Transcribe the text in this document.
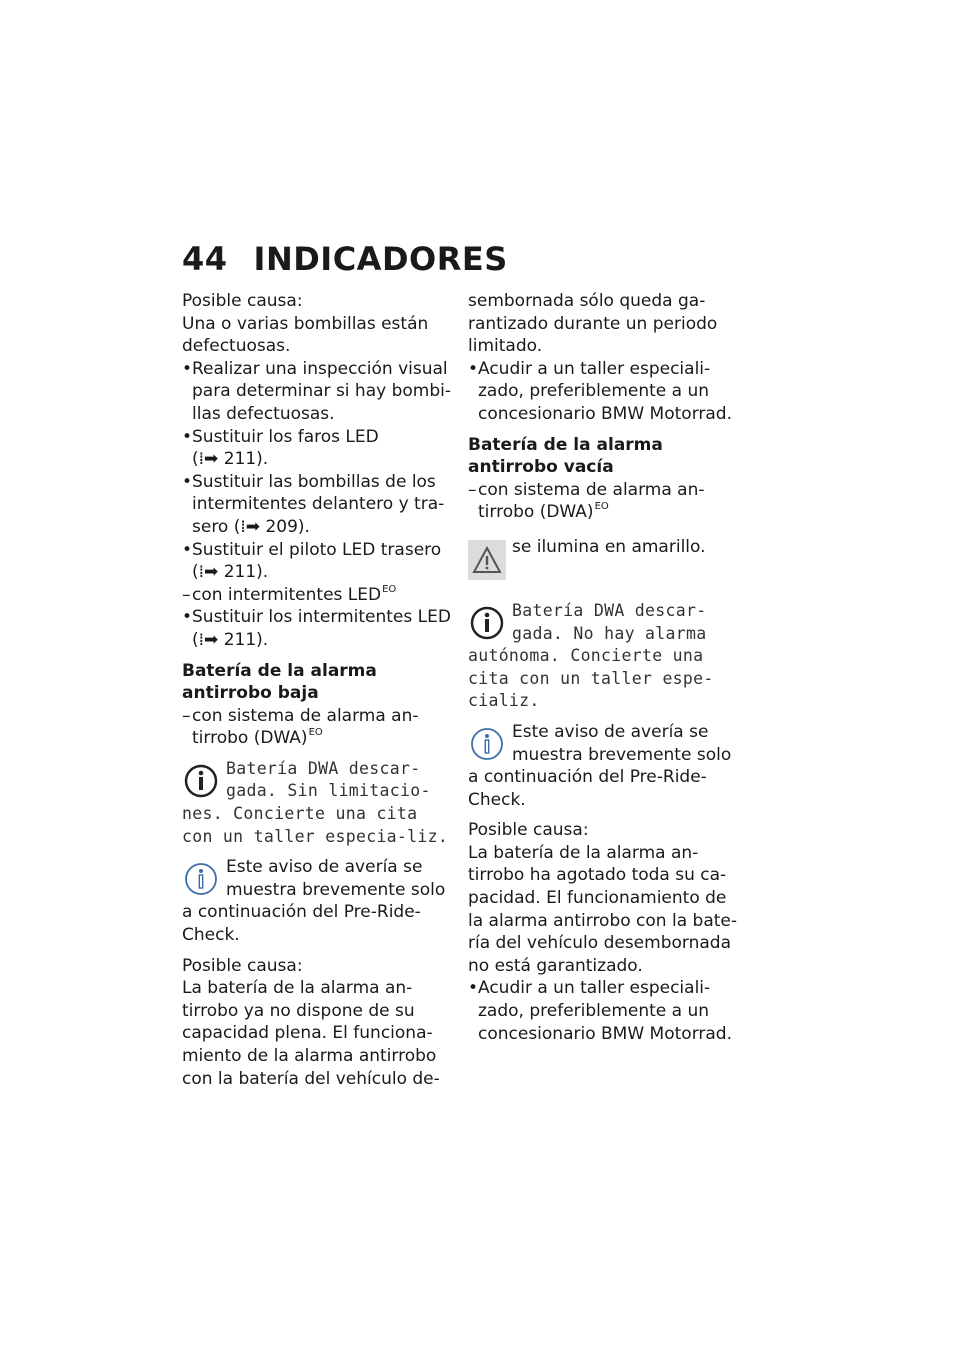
44 INDICADORES

Posible causa:

Una o varias bombillas están defectuosas.

•Realizar una inspección visual para determinar si hay bombi-llas defectuosas.

•Sustituir los faros LED
(⁞➡ 211).

•Sustituir las bombillas de los intermitentes delantero y tra-sero (⁞➡ 209).

•Sustituir el piloto LED trasero
(⁞➡ 211).

–con intermitentes $LED^{EO}$

•Sustituir los intermitentes LED
(⁞➡ 211).

Batería de la alarma antirrobo baja

–con sistema de alarma an-tirrobo (DWA)$^{EO}$

Batería DWA descar-gada. Sin limitacio-nes. Concierte una cita con un taller especia-liz.
Este aviso de avería se muestra brevemente solo a continuación del Pre-Ride-Check.

Posible causa:

La batería de la alarma an-tirrobo ya no dispone de su capacidad plena. El funciona-miento de la alarma antirrobo con la batería del vehículo de-

sembornada sólo queda ga-rantizado durante un periodo limitado.

•Acudir a un taller especiali-zado, preferiblemente a un concesionario BMW Motorrad.

Batería de la alarma antirrobo vacía

–con sistema de alarma an-tirrobo (DWA)$^{EO}$

se ilumina en amarillo.
Batería DWA descar-gada. No hay alarma autónoma. Concierte una cita con un taller espe-cializ.
Este aviso de avería se muestra brevemente solo a continuación del Pre-Ride-Check.

Posible causa:

La batería de la alarma an-tirrobo ha agotado toda su ca-pacidad. El funcionamiento de la alarma antirrobo con la bate-ría del vehículo desembornada no está garantizado.

•Acudir a un taller especiali-zado, preferiblemente a un concesionario BMW Motorrad.
